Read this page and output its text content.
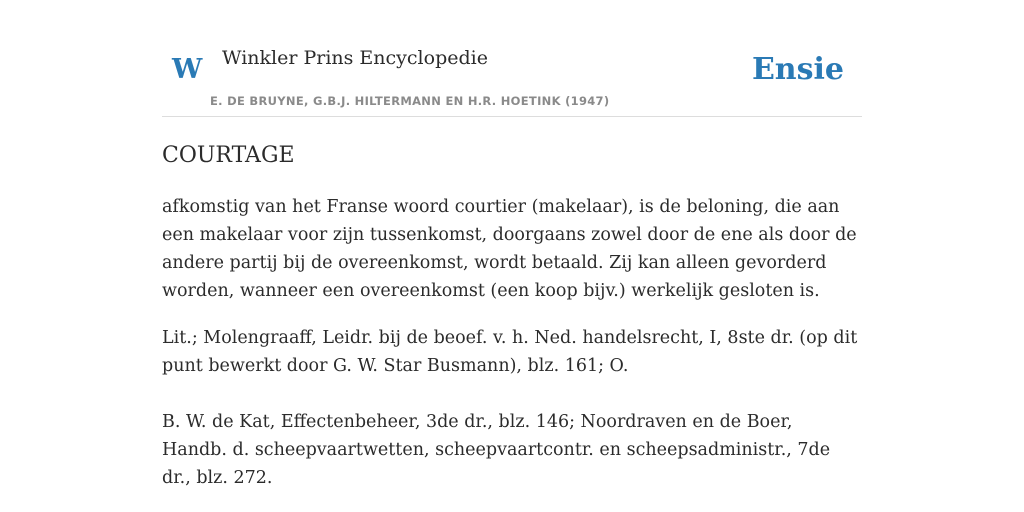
W Winkler Prins Encyclopedie
E. DE BRUYNE, G.B.J. HILTERMANN EN H.R. HOETINK (1947)
Ensie
COURTAGE

afkomstig van het Franse woord courtier (makelaar), is de beloning, die aan een makelaar voor zijn tussenkomst, doorgaans zowel door de ene als door de andere partij bij de overeenkomst, wordt betaald. Zij kan alleen gevorderd worden, wanneer een overeenkomst (een koop bijv.) werkelijk gesloten is.

Lit.; Molengraaff, Leidr. bij de beoef. v. h. Ned. handelsrecht, I, 8ste dr. (op dit punt bewerkt door G. W. Star Busmann), blz. 161; O.

B. W. de Kat, Effectenbeheer, 3de dr., blz. 146; Noordraven en de Boer, Handb. d. scheepvaartwetten, scheepvaartcontr. en scheepsadministr., 7de dr., blz. 272.
